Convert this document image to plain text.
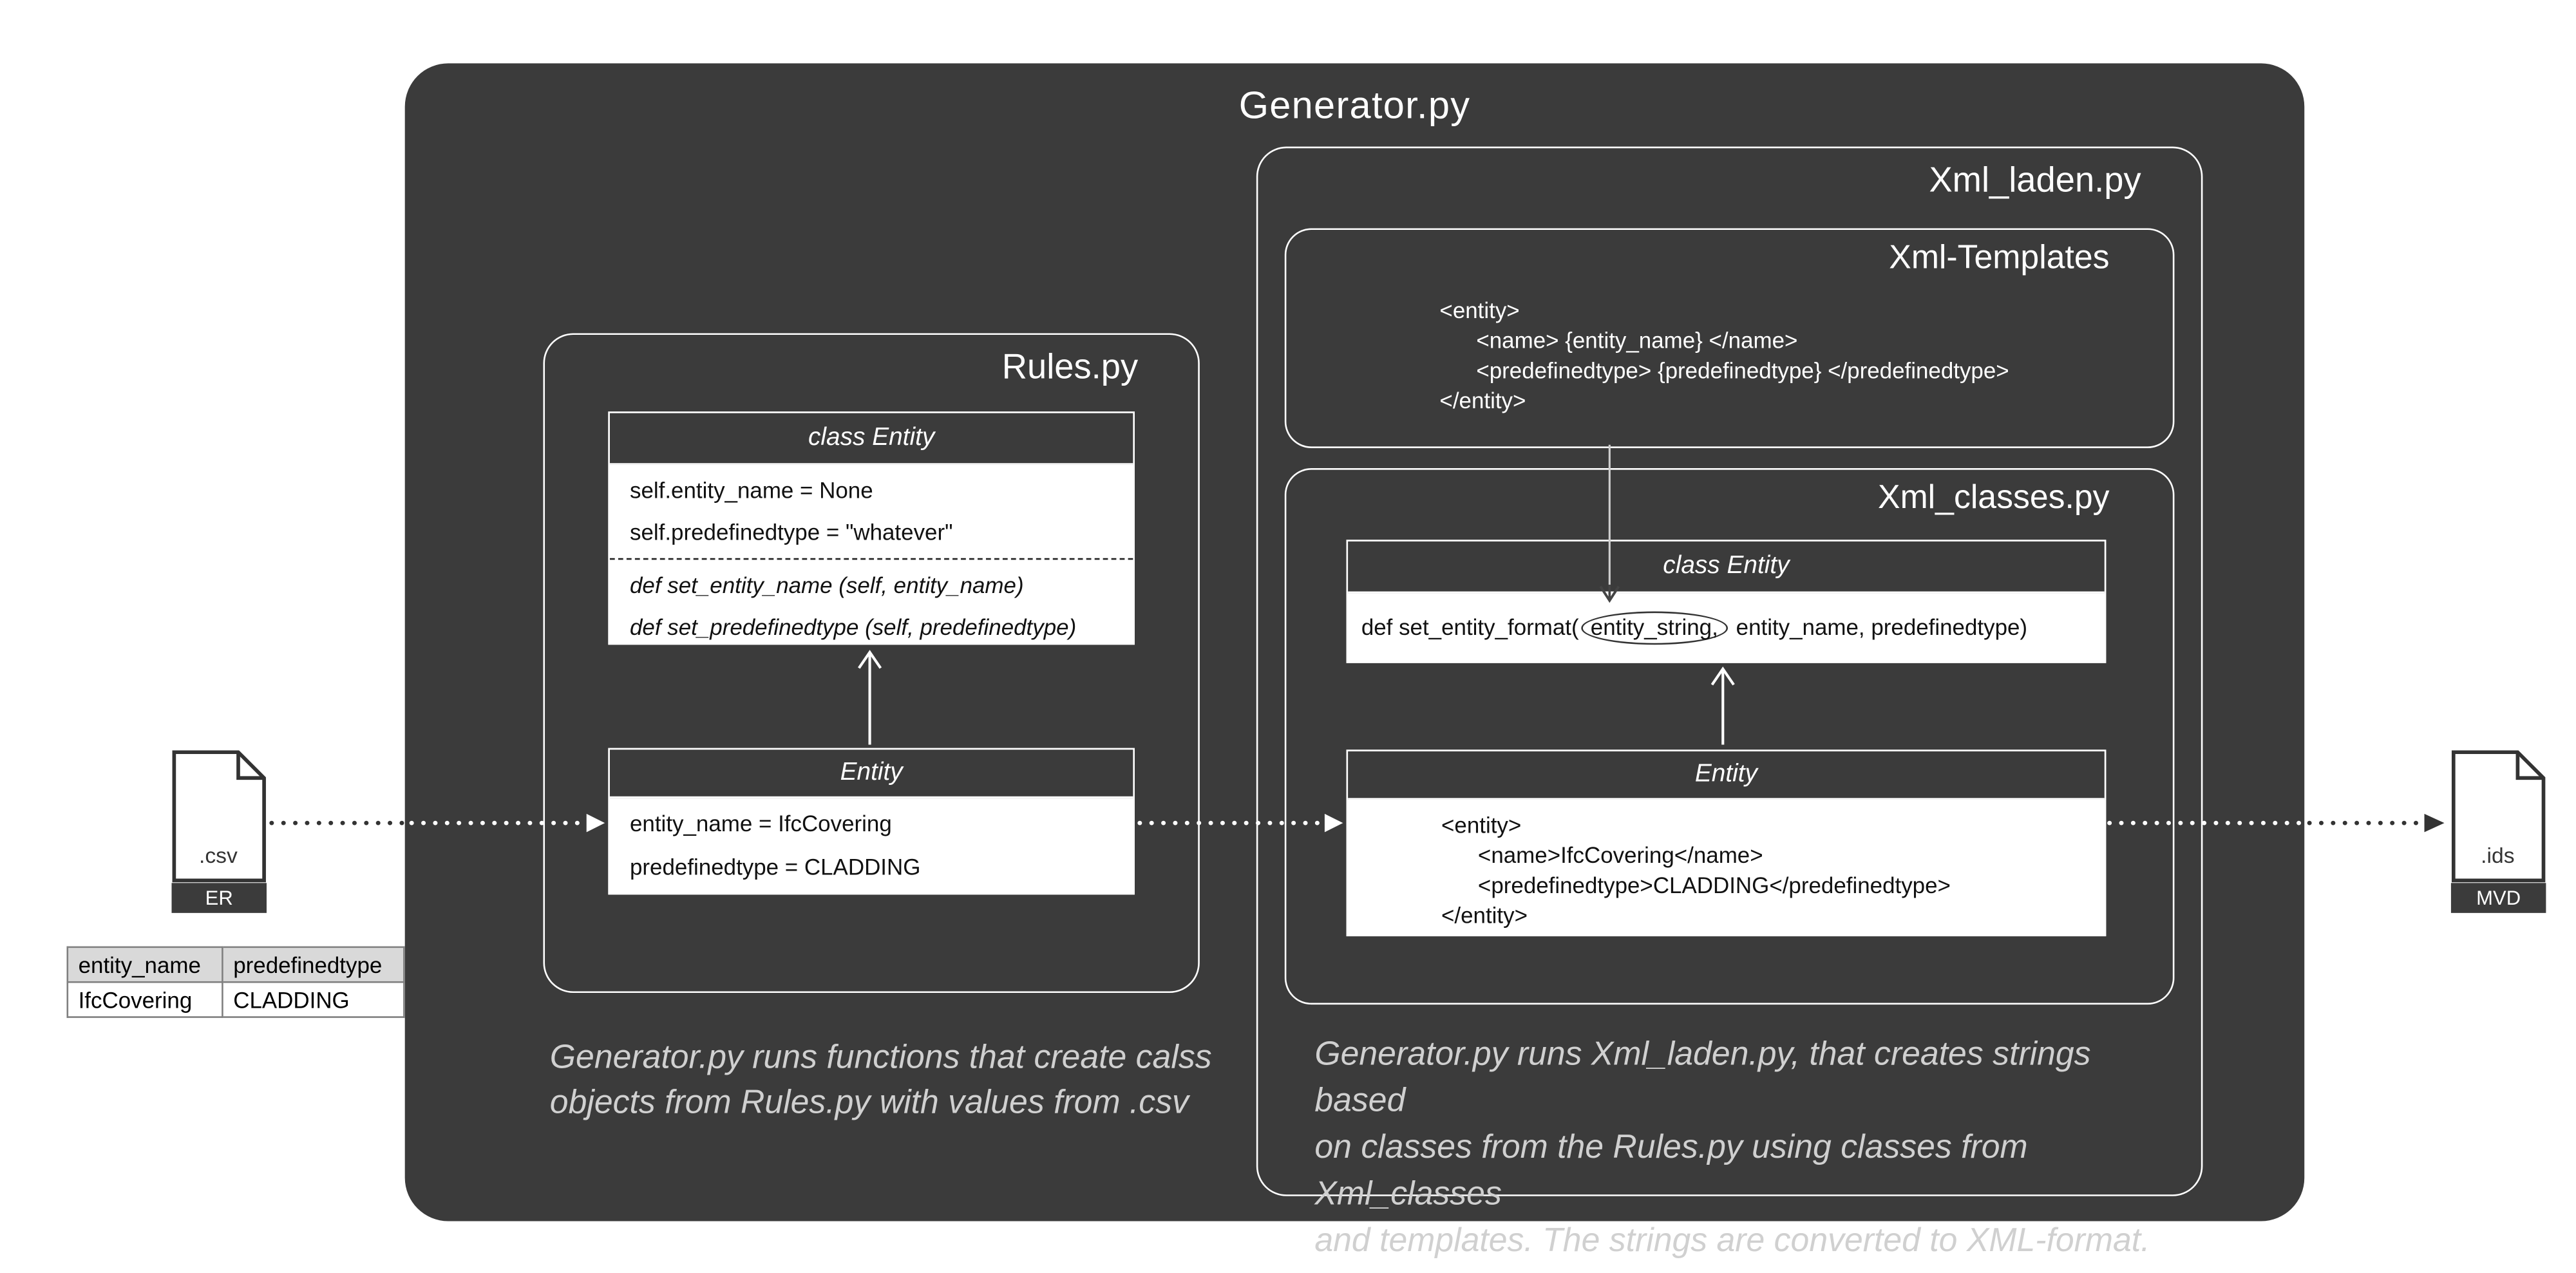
Generator.py
Rules.py
class Entity
self.entity_name = None
self.predefinedtype = "whatever"
def set_entity_name (self, entity_name)
def set_predefinedtype (self, predefinedtype)
Entity
entity_name = IfcCovering
predefinedtype = CLADDING
Generator.py runs functions that create calss
objects from Rules.py with values from .csv
Xml_laden.py
Xml-Templates
<entity>
<name> {entity_name} </name>
<predefinedtype> {predefinedtype} </predefinedtype>
</entity>
Xml_classes.py
class Entity
def set_entity_format( entity_string, entity_name, predefinedtype)
Entity
<entity>
<name>IfcCovering</name>
<predefinedtype>CLADDING</predefinedtype>
</entity>
Generator.py runs Xml_laden.py, that creates strings based
on classes from the Rules.py using classes from Xml_classes
and templates. The strings are converted to XML-format.
.csv
ER
entity_name	predefinedtype
IfcCovering	CLADDING
.ids
MVD
